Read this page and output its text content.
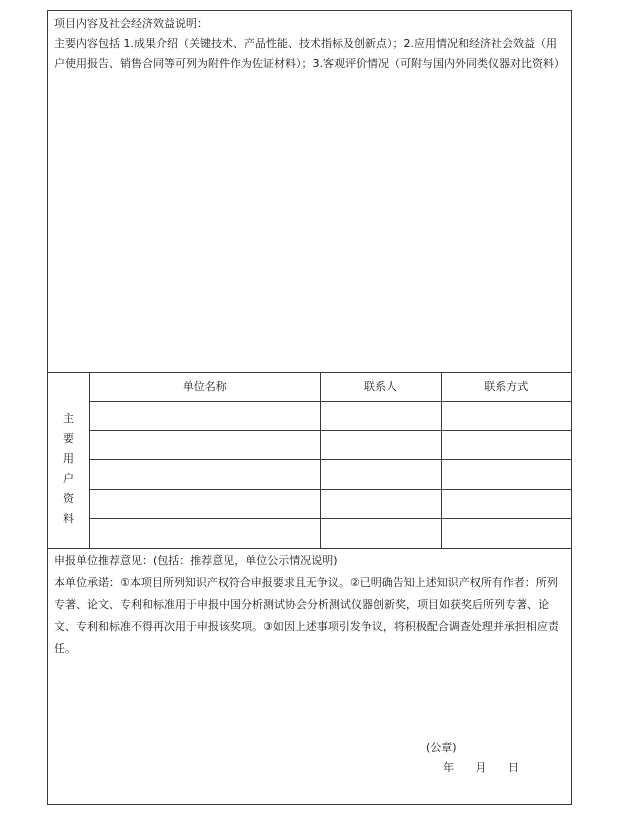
项目内容及社会经济效益说明：

主要内容包括 1.成果介绍（关键技术、产品性能、技术指标及创新点）；2.应用情况和经济社会效益（用户使用报告、销售合同等可列为附件作为佐证材料）；3.客观评价情况（可附与国内外同类仪器对比资料）

主
要
用
户
资
料
单位名称	联系人	联系方式

申报单位推荐意见：(包括：推荐意见，单位公示情况说明)

本单位承诺：①本项目所列知识产权符合申报要求且无争议。②已明确告知上述知识产权所有作者：所列专著、论文、专利和标准用于申报中国分析测试协会分析测试仪器创新奖，项目如获奖后所列专著、论文、专利和标准不得再次用于申报该奖项。③如因上述事项引发争议，将积极配合调查处理并承担相应责任。

(公章)
年 月 日
